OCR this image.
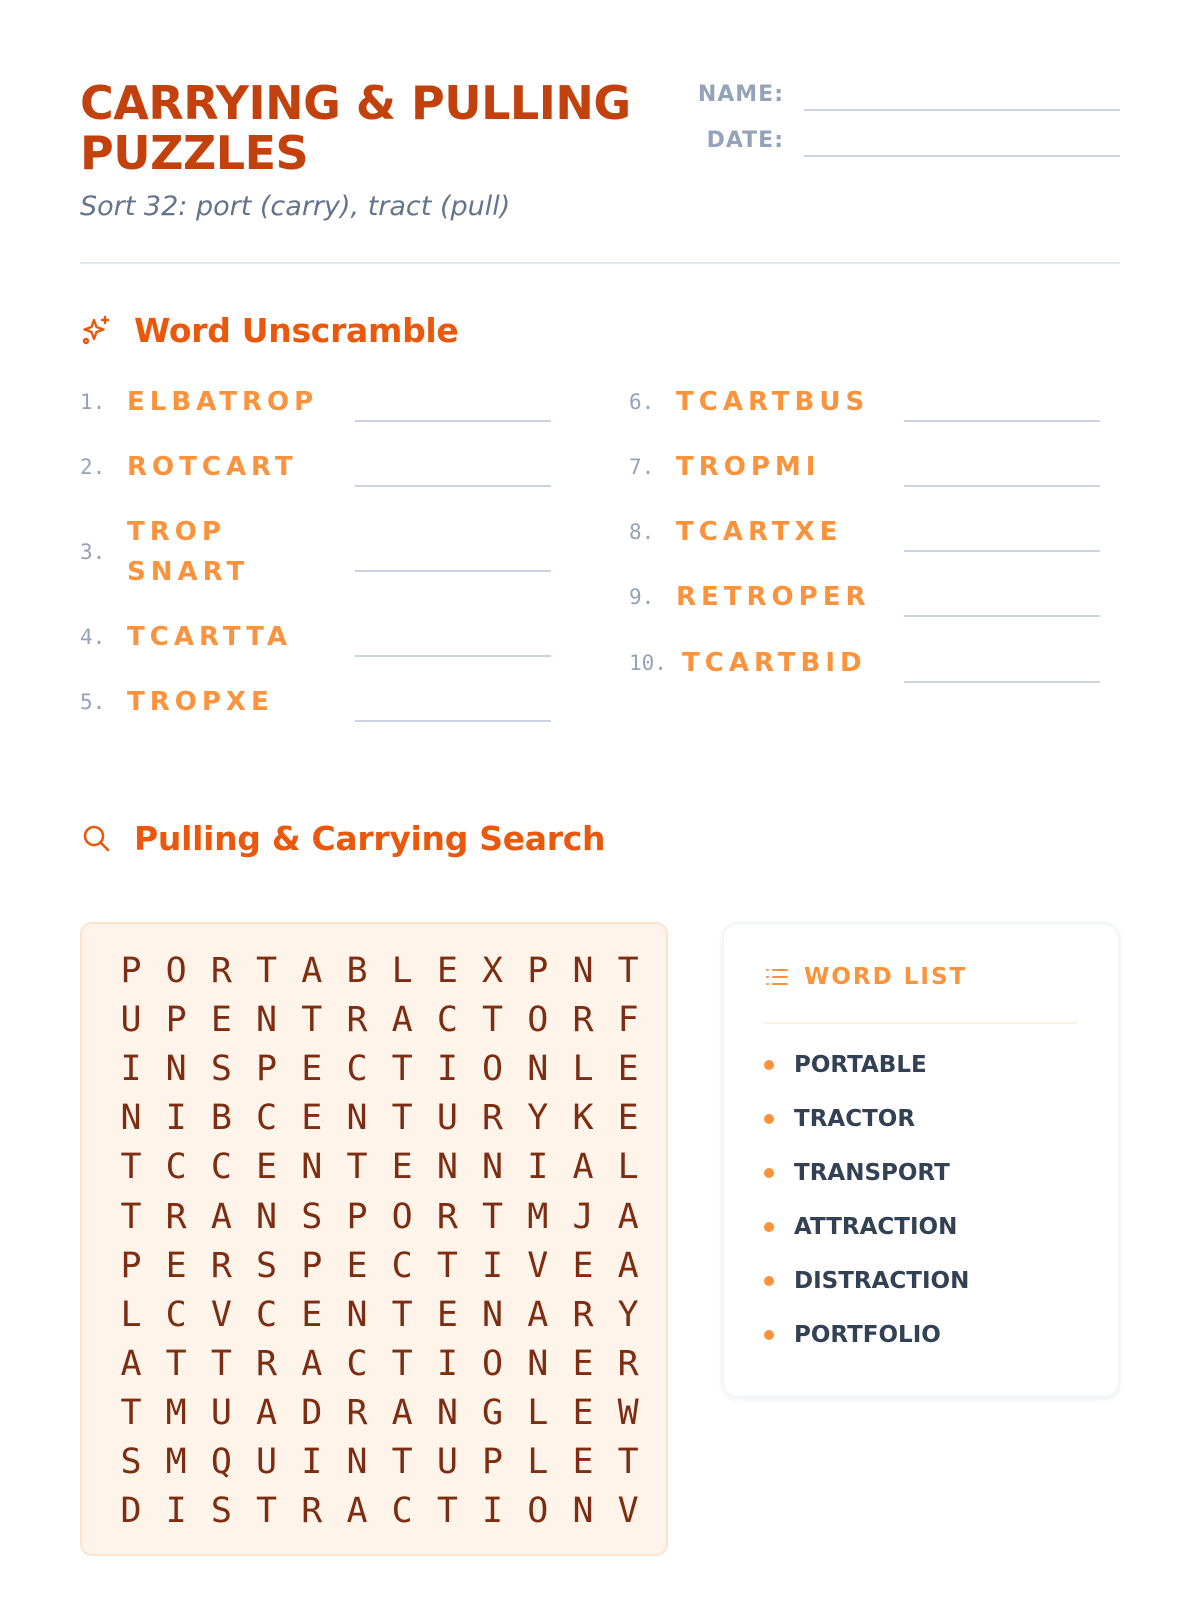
CARRYING & PULLING PUZZLES
Sort 32: port (carry), tract (pull)
NAME:
DATE:
Word Unscramble
1. ELBATROP
2. ROTCART
3.
TROP SNART
4. TCARTTA
5. TROPXE
6. TCARTBUS
7. TROPMI
8. TCARTXE
9. RETROPER
10. TCARTBID
Pulling & Carrying Search
P O R T A B L E X P N T
U P E N T R A C T O R F
I N S P E C T I O N L E
N I B C E N T U R Y K E
T C C E N T E N N I A L
T R A N S P O R T M J A
P E R S P E C T I V E A
L C V C E N T E N A R Y
A T T R A C T I O N E R
T M U A D R A N G L E W
S M Q U I N T U P L E T
D I S T R A C T I O N V
WORD LIST
PORTABLE
TRACTOR
TRANSPORT
ATTRACTION
DISTRACTION
PORTFOLIO
